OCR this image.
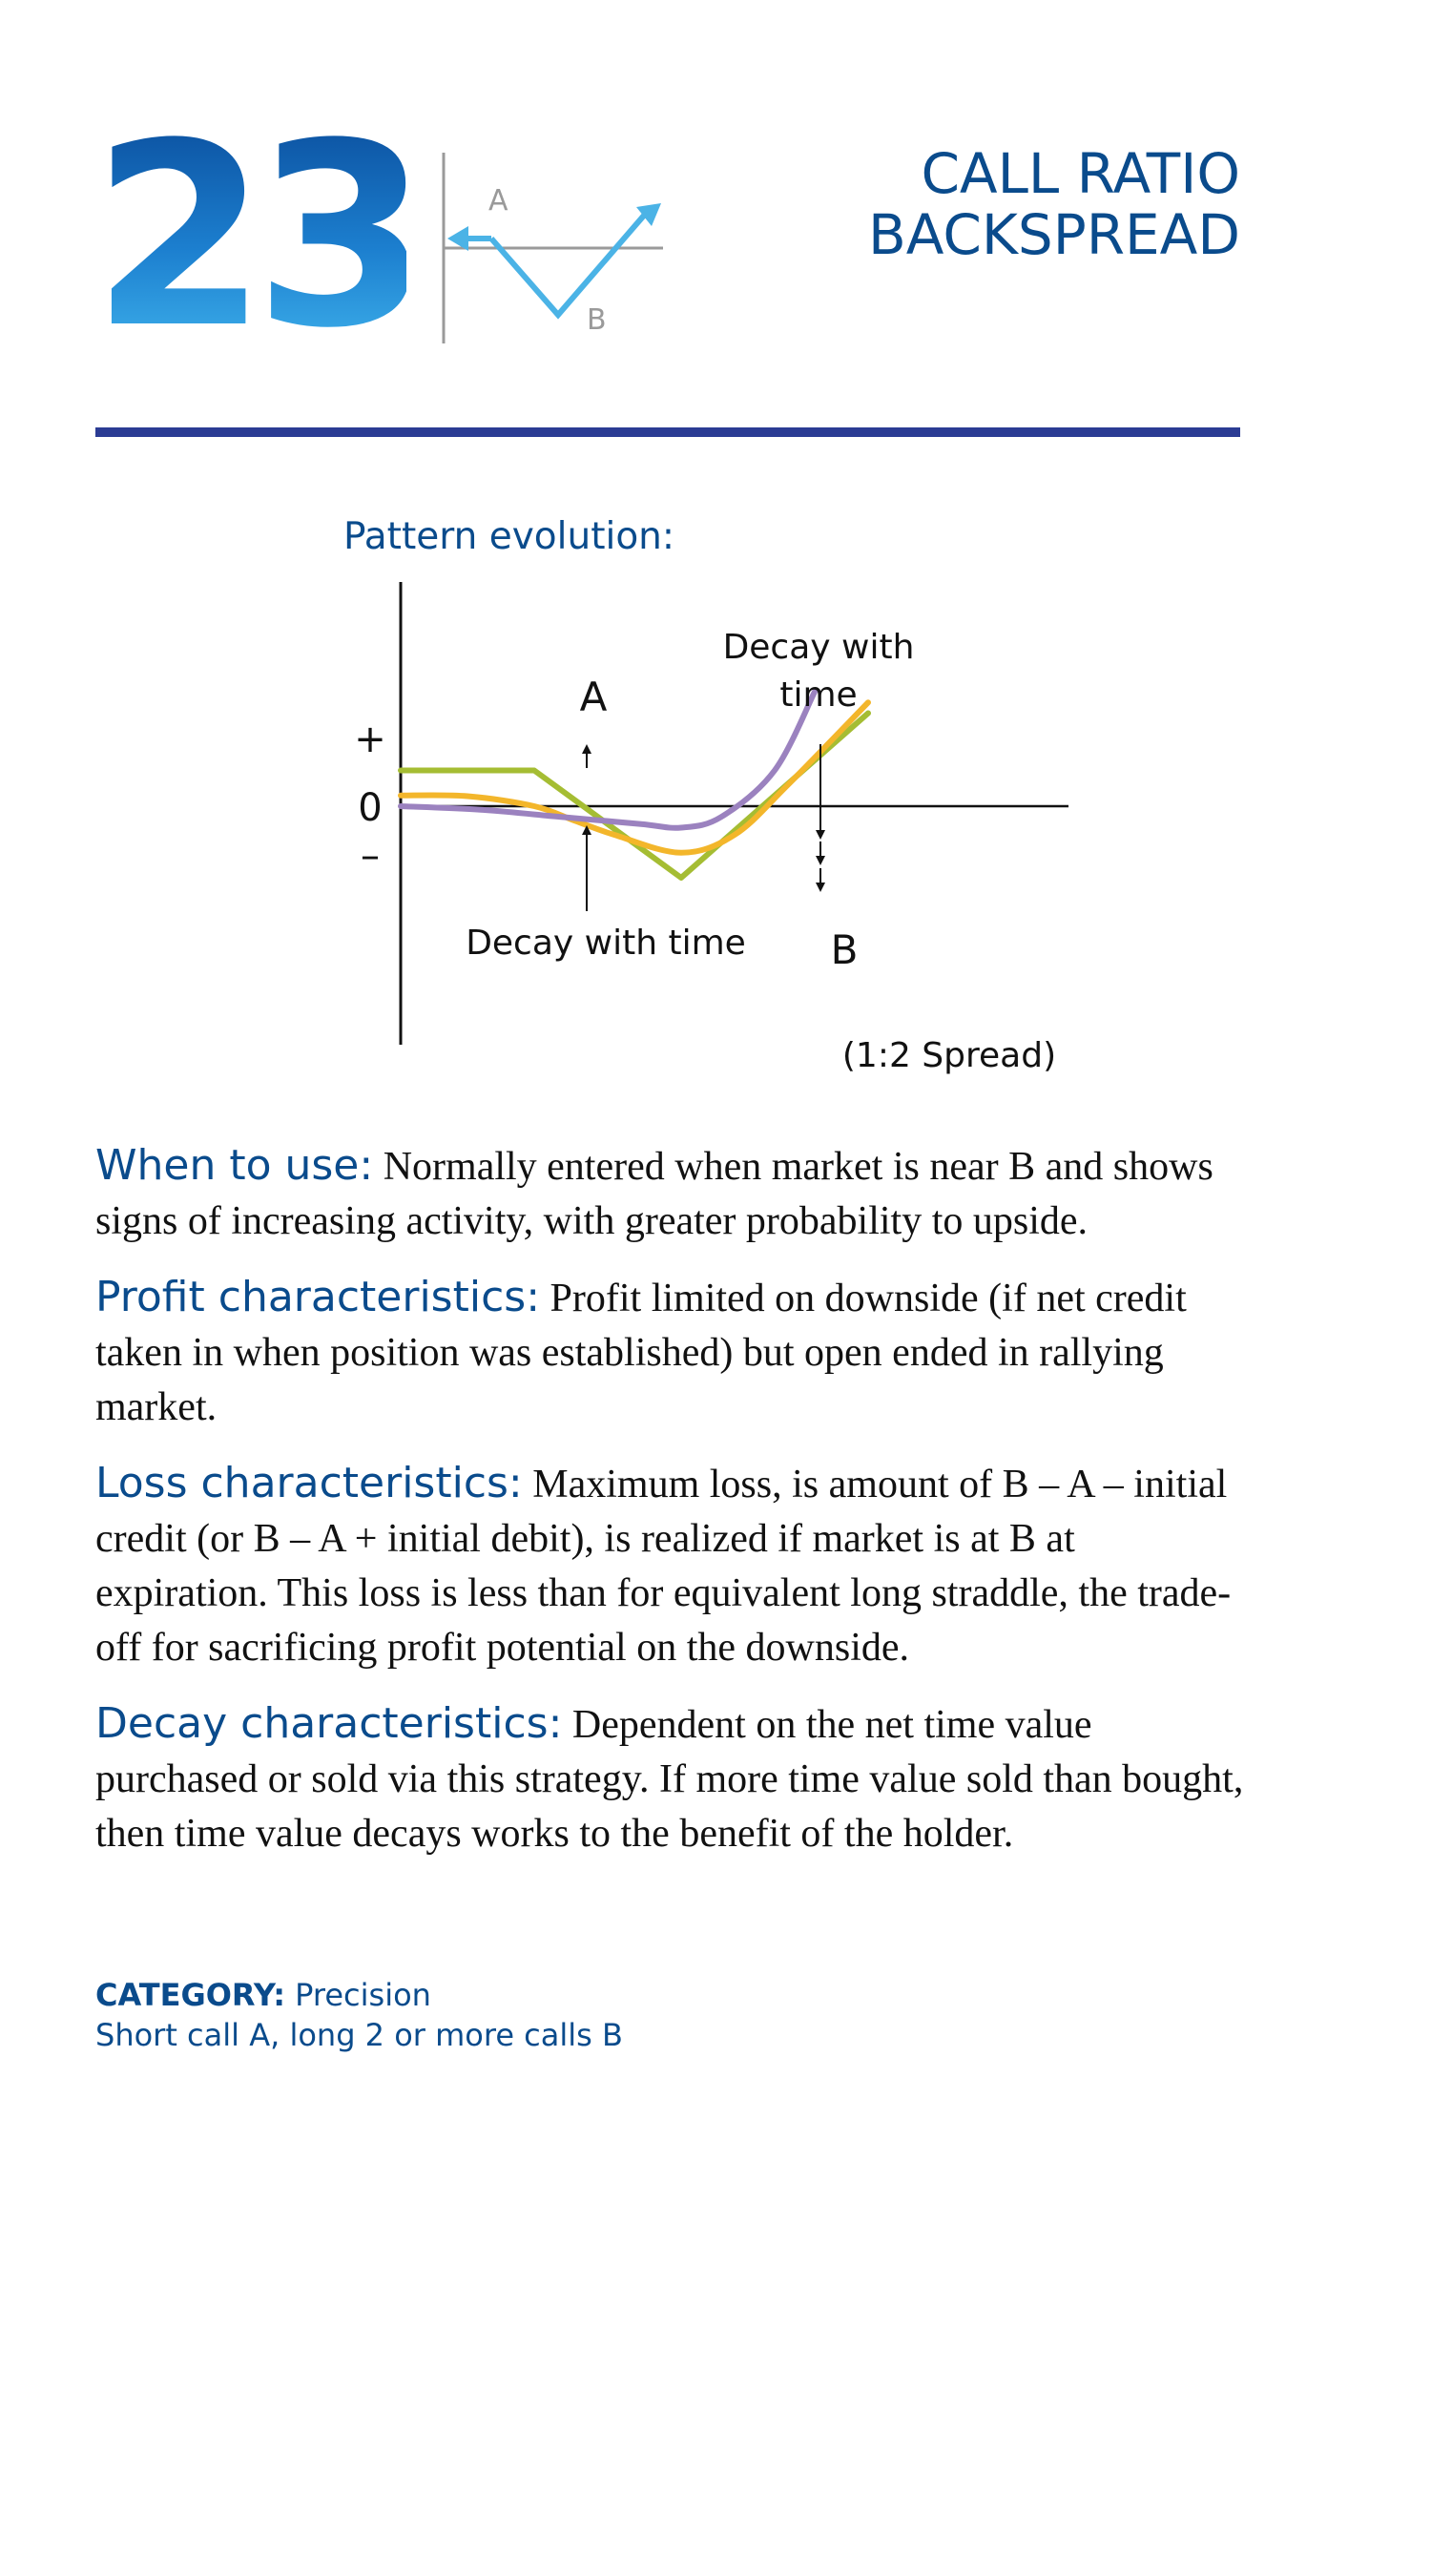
23	A
B
CALL RATIO
BACKSPREAD
Pattern evolution:
+
0
–
A
B
Decay with
time
Decay with time
(1:2 Spread)

When to use: Normally entered when market is near B and shows signs of increasing activity, with greater probability to upside.

Profit characteristics: Profit limited on downside (if net credit taken in when position was established) but open ended in rallying market.

Loss characteristics: Maximum loss, is amount of B – A – initial credit (or B – A + initial debit), is realized if market is at B at expiration. This loss is less than for equivalent long straddle, the trade-off for sacrificing profit potential on the downside.

Decay characteristics: Dependent on the net time value purchased or sold via this strategy. If more time value sold than bought, then time value decays works to the benefit of the holder.

CATEGORY: Precision
Short call A, long 2 or more calls B
